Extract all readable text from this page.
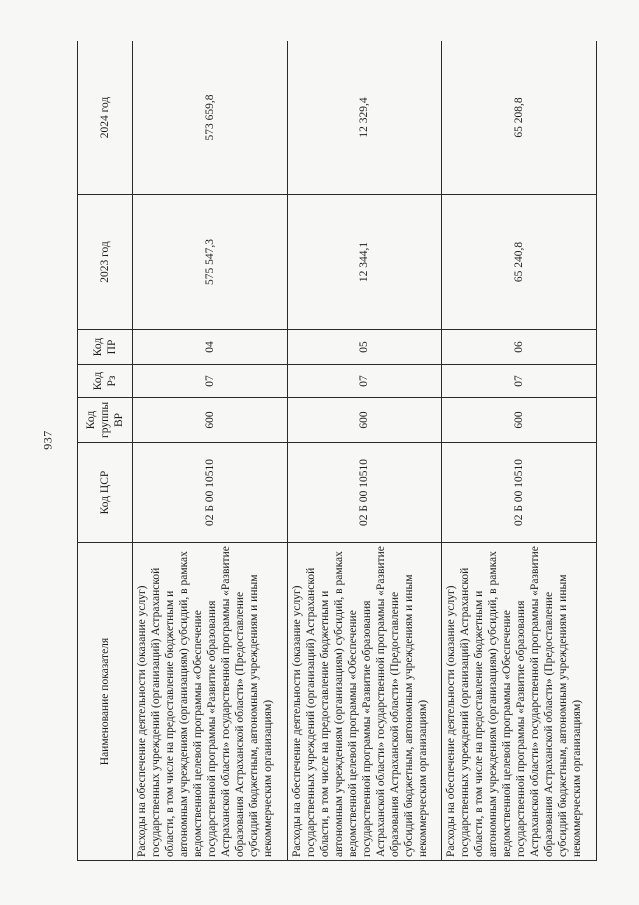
937
Наименование показателя	Код ЦСР	Код группы ВР	Код Рз	Код ПР	2023 год	2024 год
Расходы на обеспечение деятельности (оказание услуг) государственных учреждений (организаций) Астраханской области, в том числе на предоставление бюджетным и автономным учреждениям (организациям) субсидий, в рамках ведомственной целевой программы «Обеспечение государственной программы «Развитие образования Астраханской области» государственной программы «Развитие образования Астраханской области» (Предоставление субсидий бюджетным, автономным учреждениям и иным некоммерческим организациям)	02 Б 00 10510	600	07	04	575 547,3	573 659,8
Расходы на обеспечение деятельности (оказание услуг) государственных учреждений (организаций) Астраханской области, в том числе на предоставление бюджетным и автономным учреждениям (организациям) субсидий, в рамках ведомственной целевой программы «Обеспечение государственной программы «Развитие образования Астраханской области» государственной программы «Развитие образования Астраханской области» (Предоставление субсидий бюджетным, автономным учреждениям и иным некоммерческим организациям)	02 Б 00 10510	600	07	05	12 344,1	12 329,4
Расходы на обеспечение деятельности (оказание услуг) государственных учреждений (организаций) Астраханской области, в том числе на предоставление бюджетным и автономным учреждениям (организациям) субсидий, в рамках ведомственной целевой программы «Обеспечение государственной программы «Развитие образования Астраханской области» государственной программы «Развитие образования Астраханской области» (Предоставление субсидий бюджетным, автономным учреждениям и иным некоммерческим организациям)	02 Б 00 10510	600	07	06	65 240,8	65 208,8
